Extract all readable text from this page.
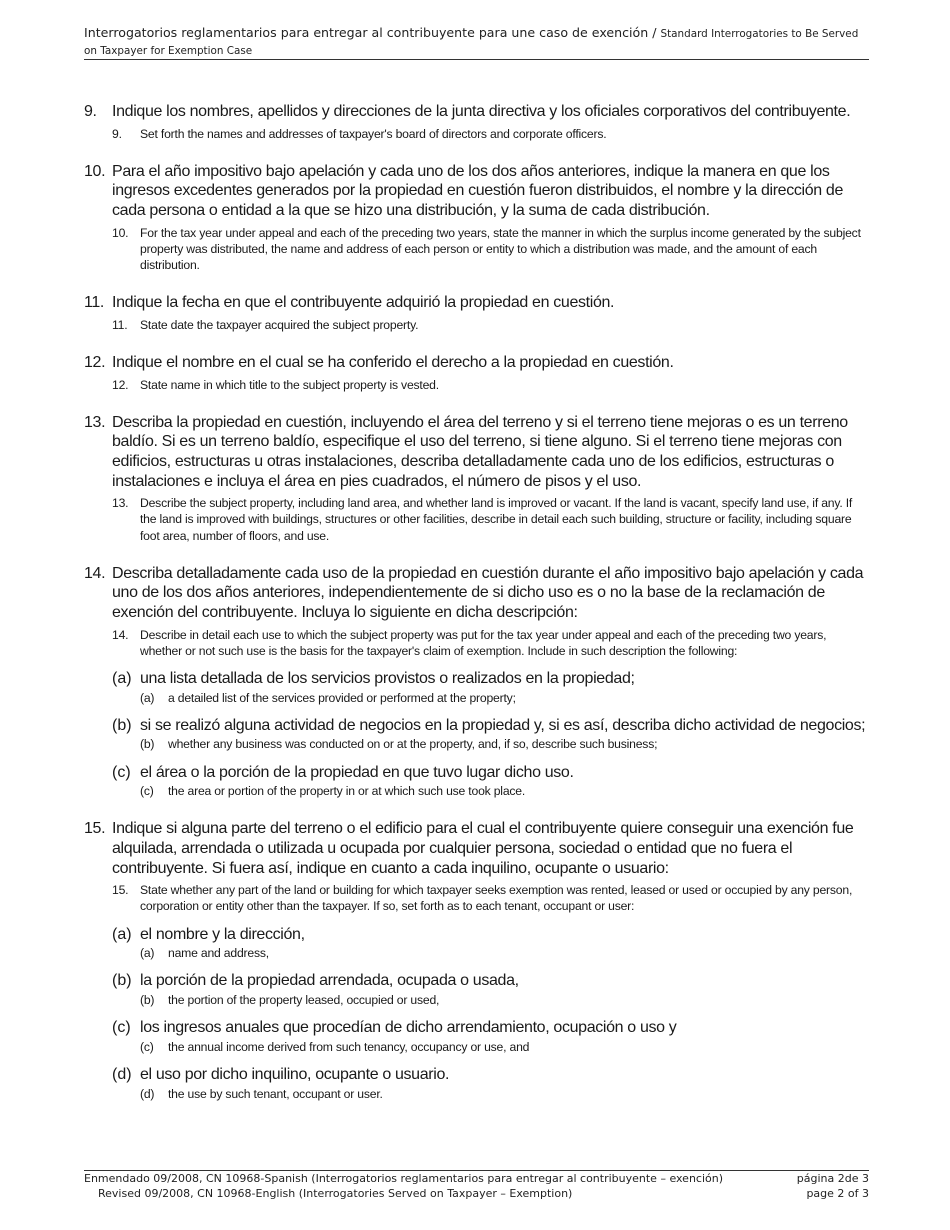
Interrogatorios reglamentarios para entregar al contribuyente para une caso de exención / Standard Interrogatories to Be Served on Taxpayer for Exemption Case
9. Indique los nombres, apellidos y direcciones de la junta directiva y los oficiales corporativos del contribuyente.
9. Set forth the names and addresses of taxpayer's board of directors and corporate officers.
10. Para el año impositivo bajo apelación y cada uno de los dos años anteriores, indique la manera en que los ingresos excedentes generados por la propiedad en cuestión fueron distribuidos, el nombre y la dirección de cada persona o entidad a la que se hizo una distribución, y la suma de cada distribución.
10. For the tax year under appeal and each of the preceding two years, state the manner in which the surplus income generated by the subject property was distributed, the name and address of each person or entity to which a distribution was made, and the amount of each distribution.
11. Indique la fecha en que el contribuyente adquirió la propiedad en cuestión.
11. State date the taxpayer acquired the subject property.
12. Indique el nombre en el cual se ha conferido el derecho a la propiedad en cuestión.
12. State name in which title to the subject property is vested.
13. Describa la propiedad en cuestión, incluyendo el área del terreno y si el terreno tiene mejoras o es un terreno baldío. Si es un terreno baldío, especifique el uso del terreno, si tiene alguno. Si el terreno tiene mejoras con edificios, estructuras u otras instalaciones, describa detalladamente cada uno de los edificios, estructuras o instalaciones e incluya el área en pies cuadrados, el número de pisos y el uso.
13. Describe the subject property, including land area, and whether land is improved or vacant. If the land is vacant, specify land use, if any. If the land is improved with buildings, structures or other facilities, describe in detail each such building, structure or facility, including square foot area, number of floors, and use.
14. Describa detalladamente cada uso de la propiedad en cuestión durante el año impositivo bajo apelación y cada uno de los dos años anteriores, independientemente de si dicho uso es o no la base de la reclamación de exención del contribuyente. Incluya lo siguiente en dicha descripción:
14. Describe in detail each use to which the subject property was put for the tax year under appeal and each of the preceding two years, whether or not such use is the basis for the taxpayer's claim of exemption. Include in such description the following:
(a) una lista detallada de los servicios provistos o realizados en la propiedad;
(a) a detailed list of the services provided or performed at the property;
(b) si se realizó alguna actividad de negocios en la propiedad y, si es así, describa dicho actividad de negocios;
(b) whether any business was conducted on or at the property, and, if so, describe such business;
(c) el área o la porción de la propiedad en que tuvo lugar dicho uso.
(c) the area or portion of the property in or at which such use took place.
15. Indique si alguna parte del terreno o el edificio para el cual el contribuyente quiere conseguir una exención fue alquilada, arrendada o utilizada u ocupada por cualquier persona, sociedad o entidad que no fuera el contribuyente. Si fuera así, indique en cuanto a cada inquilino, ocupante o usuario:
15. State whether any part of the land or building for which taxpayer seeks exemption was rented, leased or used or occupied by any person, corporation or entity other than the taxpayer. If so, set forth as to each tenant, occupant or user:
(a) el nombre y la dirección,
(a) name and address,
(b) la porción de la propiedad arrendada, ocupada o usada,
(b) the portion of the property leased, occupied or used,
(c) los ingresos anuales que procedían de dicho arrendamiento, ocupación o uso y
(c) the annual income derived from such tenancy, occupancy or use, and
(d) el uso por dicho inquilino, ocupante o usuario.
(d) the use by such tenant, occupant or user.
Enmendado 09/2008, CN 10968-Spanish (Interrogatorios reglamentarios para entregar al contribuyente – exención)	página 2de 3
Revised 09/2008, CN 10968-English (Interrogatories Served on Taxpayer – Exemption)	page 2 of 3
